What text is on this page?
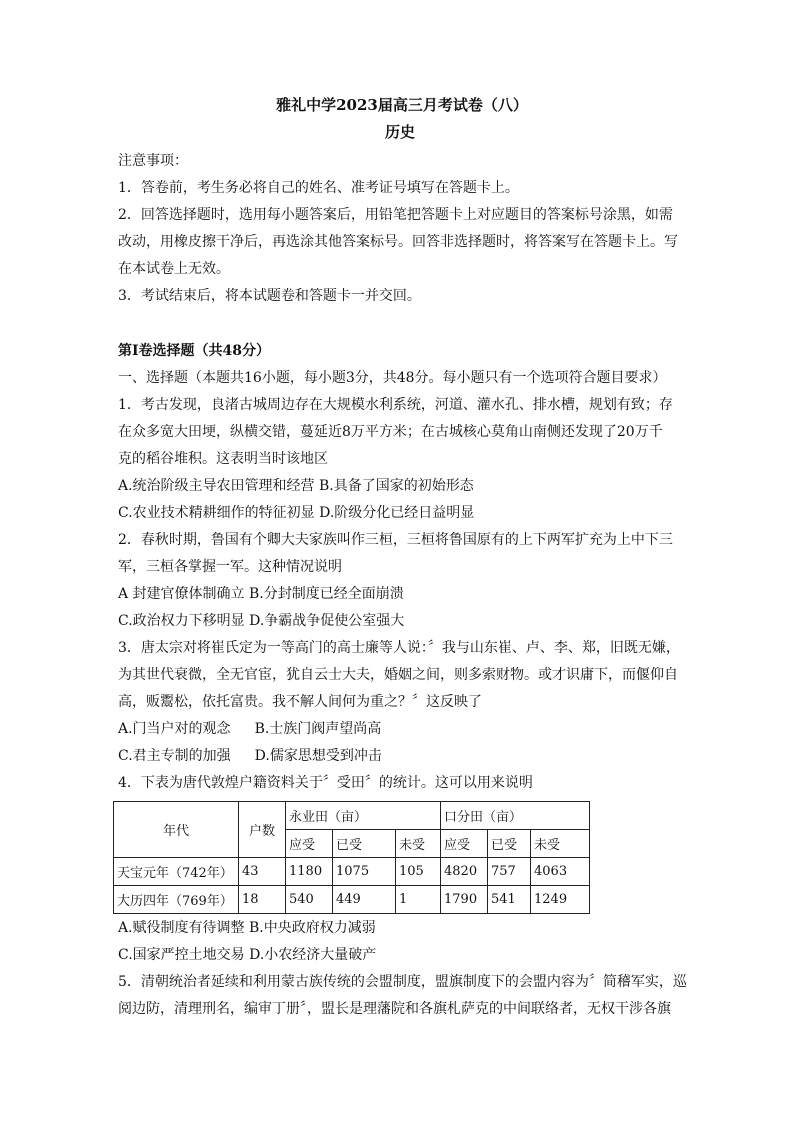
雅礼中学2023届高三月考试卷（八）
历史
注意事项：
1．答卷前，考生务必将自己的姓名、准考证号填写在答题卡上。
2．回答选择题时，选用每小题答案后，用铅笔把答题卡上对应题目的答案标号涂黑，如需
改动，用橡皮擦干净后，再选涂其他答案标号。回答非选择题时，将答案写在答题卡上。写
在本试卷上无效。
3．考试结束后，将本试题卷和答题卡一并交回。
第Ⅰ卷选择题（共48分）
一、选择题（本题共16小题，每小题3分，共48分。每小题只有一个选项符合题目要求）
1．考古发现，良渚古城周边存在大规模水利系统，河道、灌水孔、排水槽，规划有致；存
在众多宽大田埂，纵横交错，蔓延近8万平方米；在古城核心莫角山南侧还发现了20万千
克的稻谷堆积。这表明当时该地区
A.统治阶级主导农田管理和经营 B.具备了国家的初始形态
C.农业技术精耕细作的特征初显 D.阶级分化已经日益明显
2．春秋时期，鲁国有个卿大夫家族叫作三桓，三桓将鲁国原有的上下两军扩充为上中下三
军，三桓各掌握一军。这种情况说明
A 封建官僚体制确立 B.分封制度已经全面崩溃
C.政治权力下移明显 D.争霸战争促使公室强大
3．唐太宗对将崔氏定为一等高门的高士廉等人说：〞我与山东崔、卢、李、郑，旧既无嫌，
为其世代衰微，全无官宦，犹自云士大夫，婚姻之间，则多索财物。或才识庸下，而偃仰自
高，贩鬻松，依托富贵。我不解人间何为重之？〞这反映了
A.门当户对的观念 B.士族门阀声望尚高
C.君主专制的加强 D.儒家思想受到冲击
4．下表为唐代敦煌户籍资料关于〞受田〞的统计。这可以用来说明
年代	户数	永业田（亩）			口分田（亩）		
		应受	已受	未受	应受	已受	未受
天宝元年（742年）	43	1180	1075	105	4820	757	4063
大历四年（769年）	18	540	449	1	1790	541	1249
A.赋役制度有待调整 B.中央政府权力减弱
C.国家严控土地交易 D.小农经济大量破产
5．清朝统治者延续和利用蒙古族传统的会盟制度，盟旗制度下的会盟内容为〞简稽军实，巡
阅边防，清理刑名，编审丁册〞，盟长是理藩院和各旗札萨克的中间联络者，无权干涉各旗
